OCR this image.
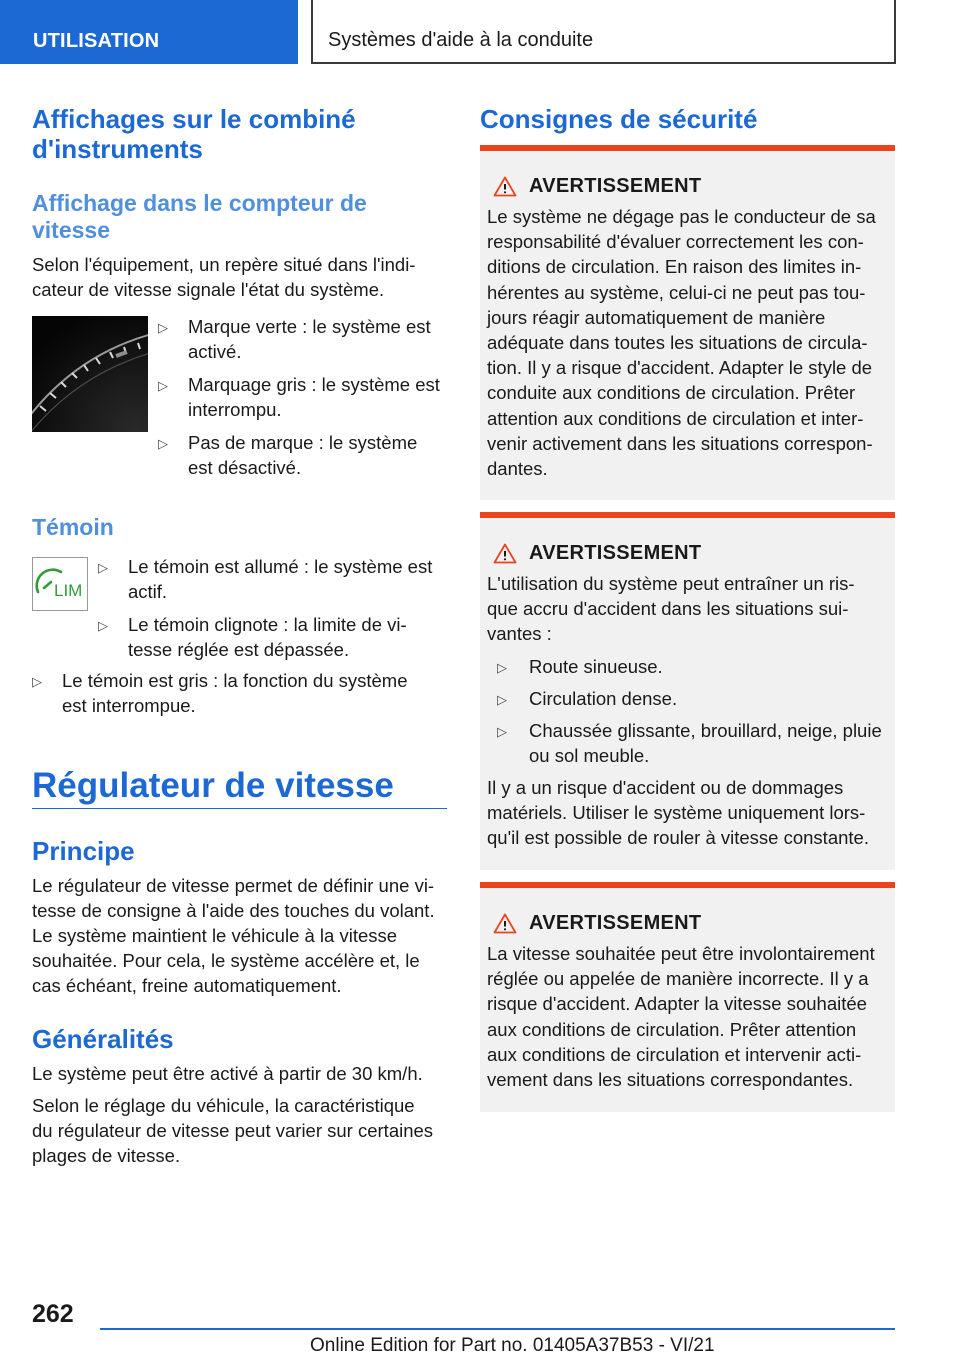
UTILISATION	Systèmes d'aide à la conduite
Affichages sur le combiné
d'instruments
Affichage dans le compteur de
vitesse
Selon l'équipement, un repère situé dans l'indi-
cateur de vitesse signale l'état du système.
▷ Marque verte : le système est
activé.
▷ Marquage gris : le système est
interrompu.
▷ Pas de marque : le système
est désactivé.
Témoin
LIM
▷ Le témoin est allumé : le système est
actif.
▷ Le témoin clignote : la limite de vi-
tesse réglée est dépassée.
▷ Le témoin est gris : la fonction du système
est interrompue.
Régulateur de vitesse
Principe
Le régulateur de vitesse permet de définir une vi-
tesse de consigne à l'aide des touches du volant.
Le système maintient le véhicule à la vitesse
souhaitée. Pour cela, le système accélère et, le
cas échéant, freine automatiquement.
Généralités
Le système peut être activé à partir de 30 km/h.
Selon le réglage du véhicule, la caractéristique
du régulateur de vitesse peut varier sur certaines
plages de vitesse.
Consignes de sécurité
AVERTISSEMENT
Le système ne dégage pas le conducteur de sa
responsabilité d'évaluer correctement les con-
ditions de circulation. En raison des limites in-
hérentes au système, celui-ci ne peut pas tou-
jours réagir automatiquement de manière
adéquate dans toutes les situations de circula-
tion. Il y a risque d'accident. Adapter le style de
conduite aux conditions de circulation. Prêter
attention aux conditions de circulation et inter-
venir activement dans les situations correspon-
dantes.
AVERTISSEMENT
L'utilisation du système peut entraîner un ris-
que accru d'accident dans les situations sui-
vantes :
▷ Route sinueuse.
▷ Circulation dense.
▷ Chaussée glissante, brouillard, neige, pluie
ou sol meuble.
Il y a un risque d'accident ou de dommages
matériels. Utiliser le système uniquement lors-
qu'il est possible de rouler à vitesse constante.
AVERTISSEMENT
La vitesse souhaitée peut être involontairement
réglée ou appelée de manière incorrecte. Il y a
risque d'accident. Adapter la vitesse souhaitée
aux conditions de circulation. Prêter attention
aux conditions de circulation et intervenir acti-
vement dans les situations correspondantes.
262
Online Edition for Part no. 01405A37B53 - VI/21
